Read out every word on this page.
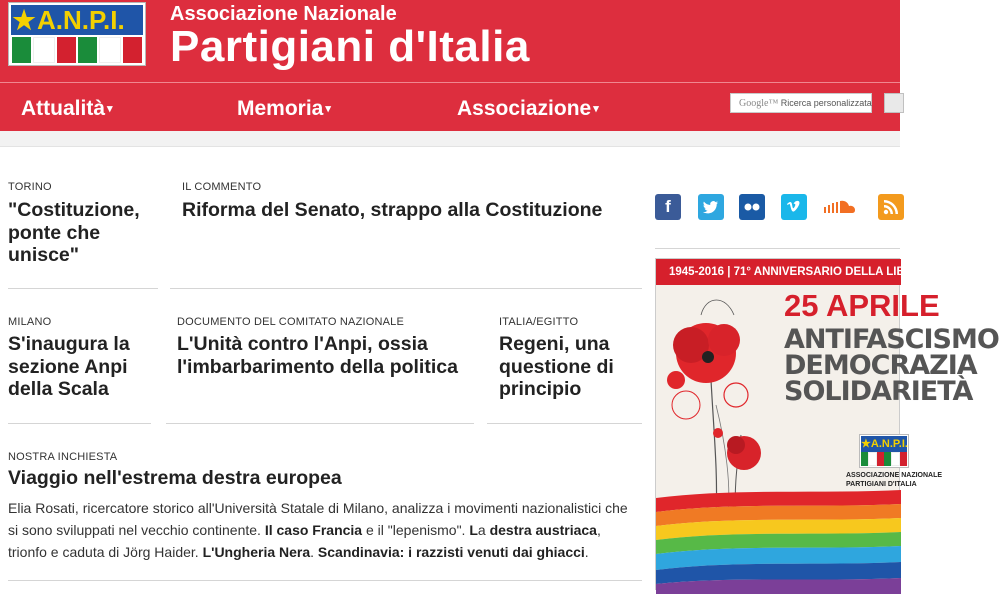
★A.N.P.I.	Associazione Nazionale
Partigiani d'Italia
Attualità ▾	Memoria ▾	Associazione ▾	Google™ Ricerca personalizzata
TORINO
"Costituzione, ponte che unisce"
IL COMMENTO
Riforma del Senato, strappo alla Costituzione
MILANO
S'inaugura la sezione Anpi della Scala
DOCUMENTO DEL COMITATO NAZIONALE
L'Unità contro l'Anpi, ossia l'imbarbarimento della politica
ITALIA/EGITTO
Regeni, una questione di principio
NOSTRA INCHIESTA
Viaggio nell'estrema destra europea
Elia Rosati, ricercatore storico all'Università Statale di Milano, analizza i movimenti nazionalistici che si sono sviluppati nel vecchio continente. Il caso Francia e il "lepenismo". La destra austriaca, trionfo e caduta di Jörg Haider. L'Ungheria Nera. Scandinavia: i razzisti venuti dai ghiacci.
f
1945-2016 | 71° ANNIVERSARIO DELLA LIBERAZIONE
25 APRILE
ANTIFASCISMO
DEMOCRAZIA
SOLIDARIETÀ
★A.N.P.I.
ASSOCIAZIONE NAZIONALE
PARTIGIANI D'ITALIA
